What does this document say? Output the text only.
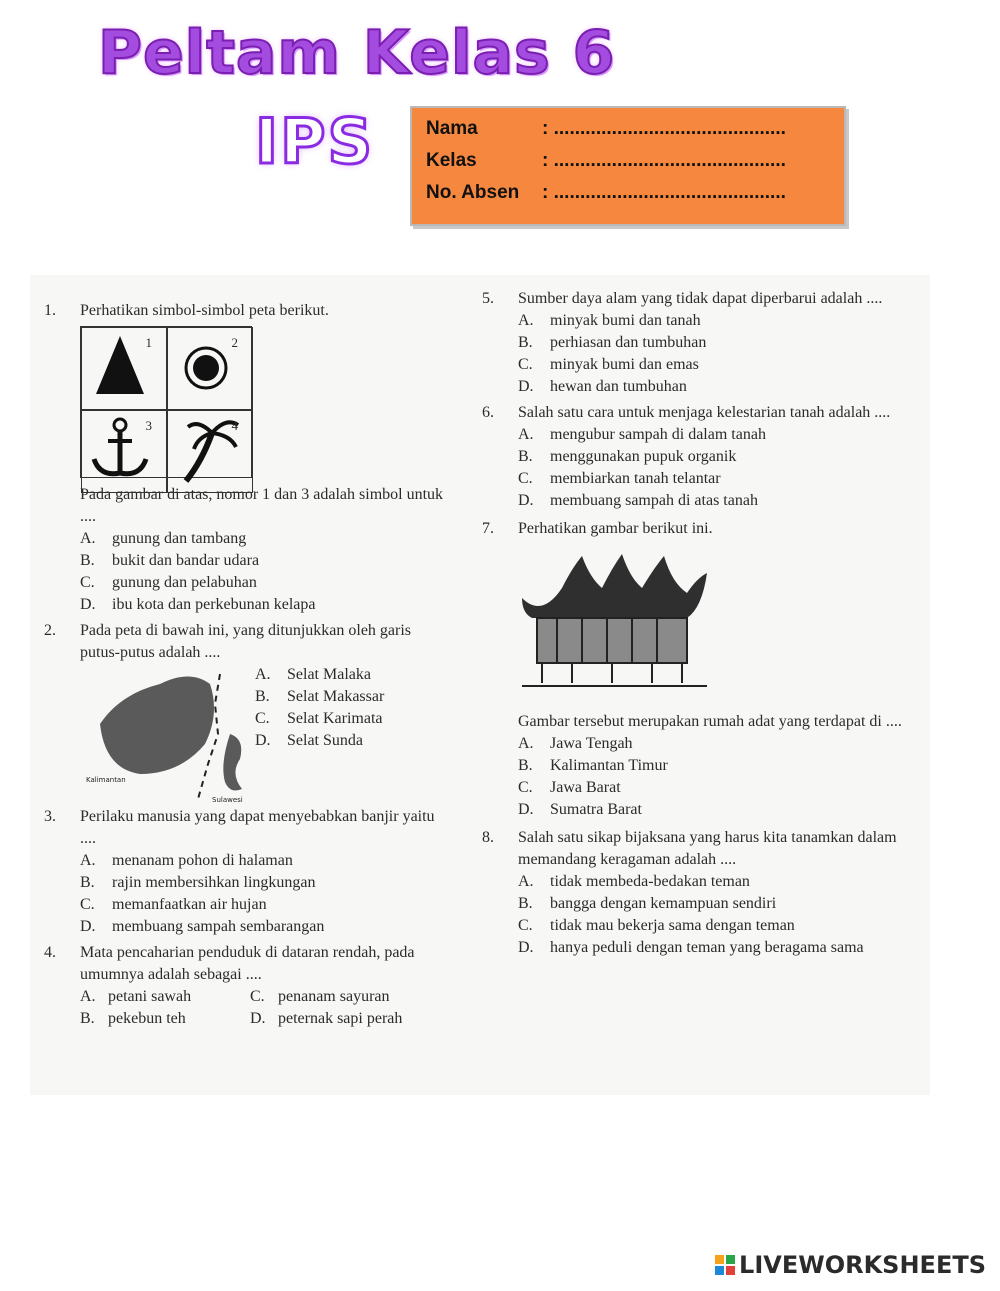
Peltam Kelas 6
IPS	Nama	: ............................................
Kelas	: ............................................
No. Absen	: ............................................
1.	Perhatikan simbol-simbol peta berikut.
1	2
3	4
Pada gambar di atas, nomor 1 dan 3 adalah simbol untuk ....
A.	gunung dan tambang
B.	bukit dan bandar udara
C.	gunung dan pelabuhan
D.	ibu kota dan perkebunan kelapa
2.	Pada peta di bawah ini, yang ditunjukkan oleh garis putus-putus adalah ....
Kalimantan
Sulawesi
A.	Selat Malaka
B.	Selat Makassar
C.	Selat Karimata
D.	Selat Sunda
3.	Perilaku manusia yang dapat menyebabkan banjir yaitu ....
A.	menanam pohon di halaman
B.	rajin membersihkan lingkungan
C.	memanfaatkan air hujan
D.	membuang sampah sembarangan
4.	Mata pencaharian penduduk di dataran rendah, pada umumnya adalah sebagai ....
A. petani sawah	C. penanam sayuran
B. pekebun teh	D. peternak sapi perah
5.	Sumber daya alam yang tidak dapat diperbarui adalah ....
A.	minyak bumi dan tanah
B.	perhiasan dan tumbuhan
C.	minyak bumi dan emas
D.	hewan dan tumbuhan
6.	Salah satu cara untuk menjaga kelestarian tanah adalah ....
A.	mengubur sampah di dalam tanah
B.	menggunakan pupuk organik
C.	membiarkan tanah telantar
D.	membuang sampah di atas tanah
7.	Perhatikan gambar berikut ini.
Gambar tersebut merupakan rumah adat yang terdapat di ....
A.	Jawa Tengah
B.	Kalimantan Timur
C.	Jawa Barat
D.	Sumatra Barat
8.	Salah satu sikap bijaksana yang harus kita tanamkan dalam memandang keragaman adalah ....
A.	tidak membeda-bedakan teman
B.	bangga dengan kemampuan sendiri
C.	tidak mau bekerja sama dengan teman
D.	hanya peduli dengan teman yang beragama sama
LIVEWORKSHEETS
